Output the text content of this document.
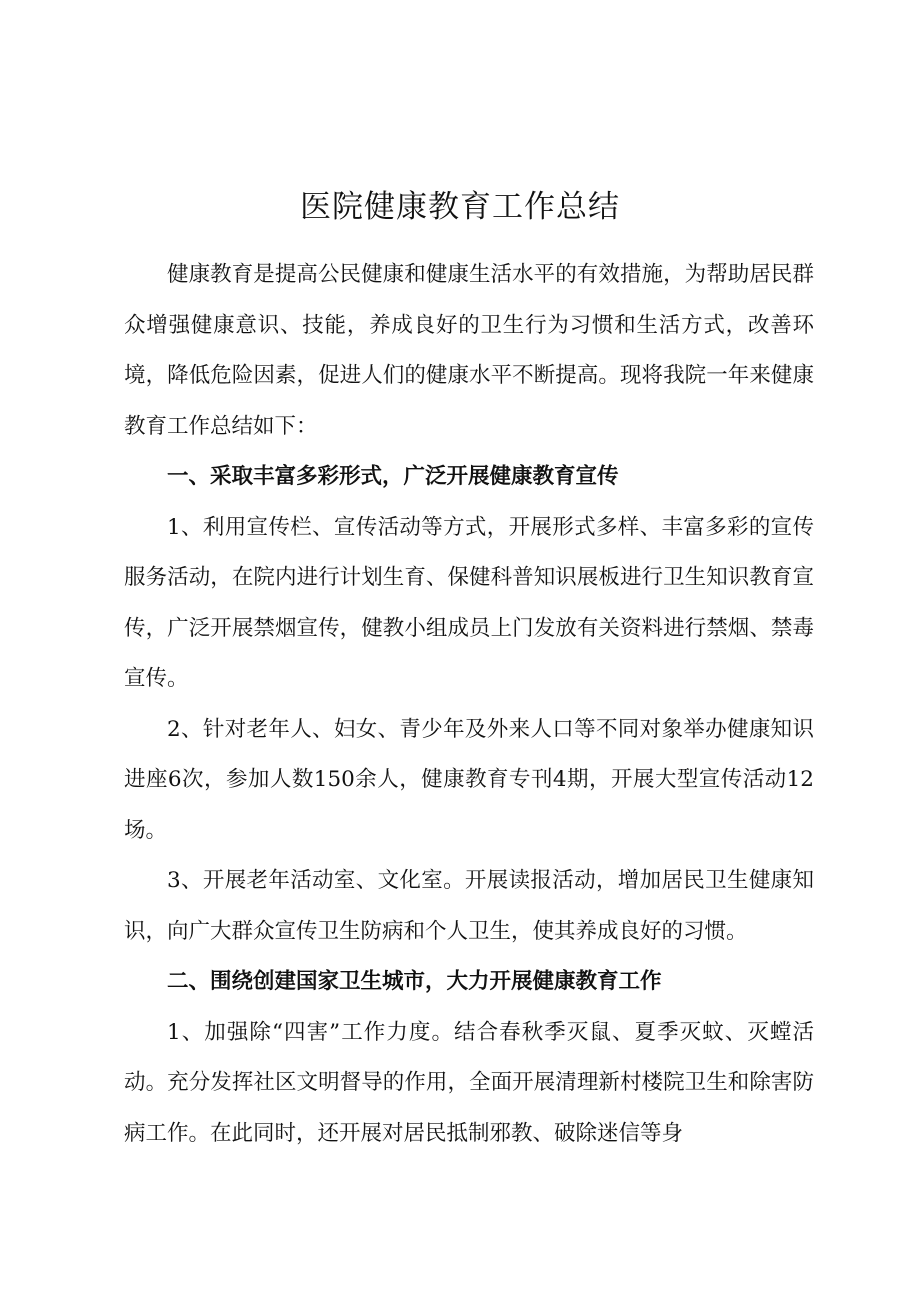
医院健康教育工作总结

健康教育是提高公民健康和健康生活水平的有效措施，为帮助居民群众增强健康意识、技能，养成良好的卫生行为习惯和生活方式，改善环境，降低危险因素，促进人们的健康水平不断提高。现将我院一年来健康教育工作总结如下：

一、采取丰富多彩形式，广泛开展健康教育宣传

1、利用宣传栏、宣传活动等方式，开展形式多样、丰富多彩的宣传服务活动，在院内进行计划生育、保健科普知识展板进行卫生知识教育宣传，广泛开展禁烟宣传，健教小组成员上门发放有关资料进行禁烟、禁毒宣传。

2、针对老年人、妇女、青少年及外来人口等不同对象举办健康知识进座6次，参加人数150余人，健康教育专刊4期，开展大型宣传活动12场。

3、开展老年活动室、文化室。开展读报活动，增加居民卫生健康知识，向广大群众宣传卫生防病和个人卫生，使其养成良好的习惯。

二、围绕创建国家卫生城市，大力开展健康教育工作

1、加强除“四害”工作力度。结合春秋季灭鼠、夏季灭蚊、灭螳活动。充分发挥社区文明督导的作用，全面开展清理新村楼院卫生和除害防病工作。在此同时，还开展对居民抵制邪教、破除迷信等身
